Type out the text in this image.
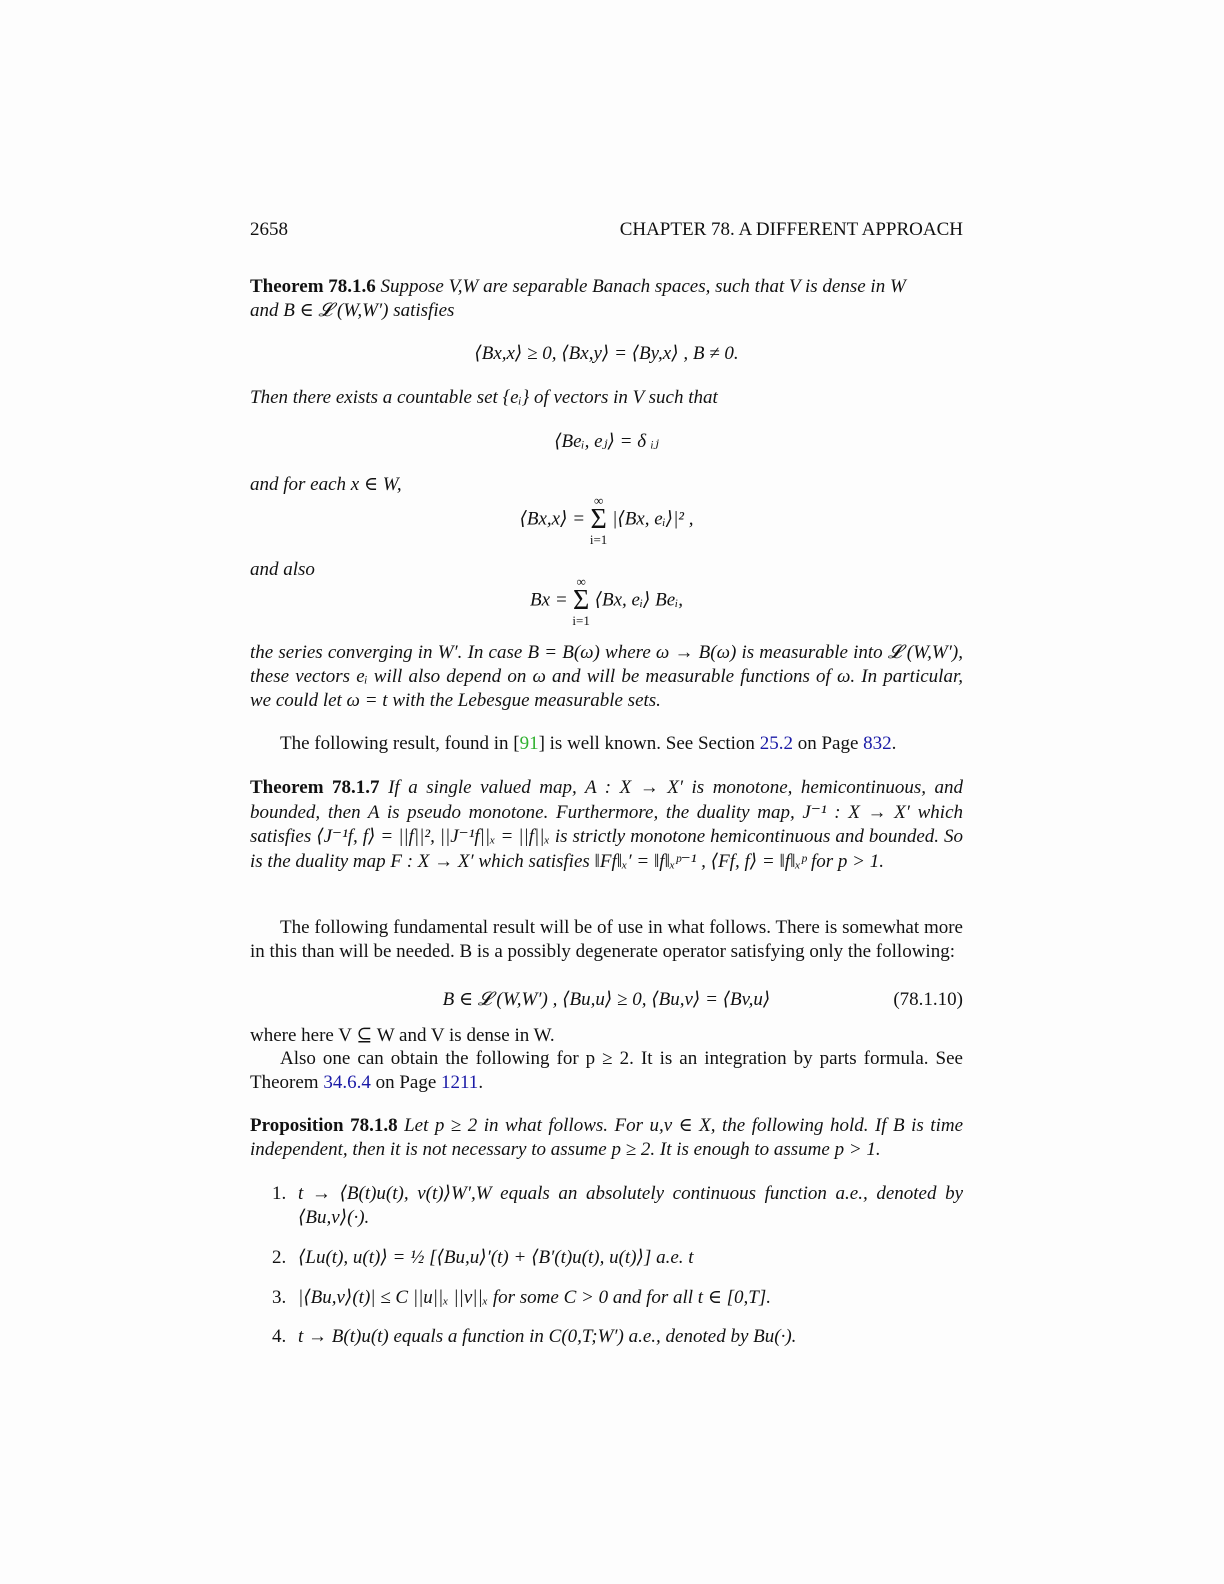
2658	CHAPTER 78. A DIFFERENT APPROACH
Theorem 78.1.6 Suppose V,W are separable Banach spaces, such that V is dense in W
and B ∈ 𝓛 (W,W′) satisfies
⟨Bx,x⟩ ≥ 0, ⟨Bx,y⟩ = ⟨By,x⟩ , B ≠ 0.
Then there exists a countable set {eᵢ} of vectors in V such that
⟨Beᵢ, eⱼ⟩ = δ ᵢⱼ
and for each x ∈ W,
⟨Bx,x⟩ =
∞
Σ
i=1
|⟨Bx, eᵢ⟩|² ,
and also
Bx =
∞
Σ
i=1
⟨Bx, eᵢ⟩ Beᵢ,
the series converging in W′. In case B = B(ω) where ω → B(ω) is measurable into 𝓛 (W,W′), these vectors eᵢ will also depend on ω and will be measurable functions of ω. In particular, we could let ω = t with the Lebesgue measurable sets.
The following result, found in [91] is well known. See Section 25.2 on Page 832.
Theorem 78.1.7 If a single valued map, A : X → X′ is monotone, hemicontinuous, and bounded, then A is pseudo monotone. Furthermore, the duality map, J⁻¹ : X → X′ which satisfies ⟨J⁻¹f, f⟩ = ||f||², ||J⁻¹f||ₓ = ||f||ₓ is strictly monotone hemicontinuous and bounded. So is the duality map F : X → X′ which satisfies ‖Ff‖ₓ′ = ‖f‖ₓᵖ⁻¹ , ⟨Ff, f⟩ = ‖f‖ₓᵖ for p > 1.
The following fundamental result will be of use in what follows. There is somewhat more in this than will be needed. B is a possibly degenerate operator satisfying only the following:
B ∈ 𝓛 (W,W′) , ⟨Bu,u⟩ ≥ 0, ⟨Bu,v⟩ = ⟨Bv,u⟩	(78.1.10)
where here V ⊆ W and V is dense in W.
Also one can obtain the following for p ≥ 2. It is an integration by parts formula. See Theorem 34.6.4 on Page 1211.
Proposition 78.1.8 Let p ≥ 2 in what follows. For u,v ∈ X, the following hold. If B is time independent, then it is not necessary to assume p ≥ 2. It is enough to assume p > 1.
1. t → ⟨B(t)u(t), v(t)⟩W′,W equals an absolutely continuous function a.e., denoted by ⟨Bu,v⟩(·).
2. ⟨Lu(t), u(t)⟩ = ½ [⟨Bu,u⟩′(t) + ⟨B′(t)u(t), u(t)⟩] a.e. t
3. |⟨Bu,v⟩(t)| ≤ C ||u||ₓ ||v||ₓ for some C > 0 and for all t ∈ [0,T].
4. t → B(t)u(t) equals a function in C(0,T;W′) a.e., denoted by Bu(·).
